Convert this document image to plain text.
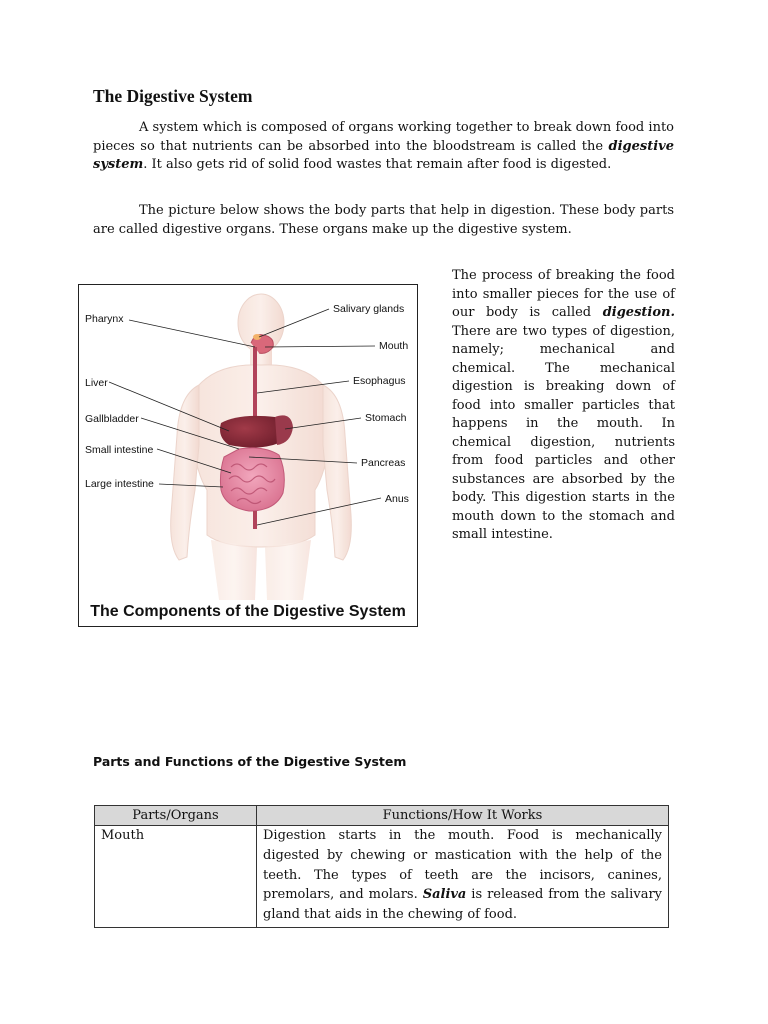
The Digestive System

A system which is composed of organs working together to break down food into pieces so that nutrients can be absorbed into the bloodstream is called the digestive system. It also gets rid of solid food wastes that remain after food is digested.

The picture below shows the body parts that help in digestion. These body parts are called digestive organs. These organs make up the digestive system.

Pharynx
Liver
Gallbladder
Small intestine
Large intestine
Salivary glands
Mouth
Esophagus
Stomach
Pancreas
Anus
The Components of the Digestive System

The process of breaking the food into smaller pieces for the use of our body is called digestion. There are two types of digestion, namely; mechanical and chemical. The mechanical digestion is breaking down of food into smaller particles that happens in the mouth. In chemical digestion, nutrients from food particles and other substances are absorbed by the body. This digestion starts in the mouth down to the stomach and small intestine.

Parts and Functions of the Digestive System
Parts/Organs	Functions/How It Works
Mouth	Digestion starts in the mouth. Food is mechanically digested by chewing or mastication with the help of the teeth. The types of teeth are the incisors, canines, premolars, and molars. Saliva is released from the salivary gland that aids in the chewing of food.
